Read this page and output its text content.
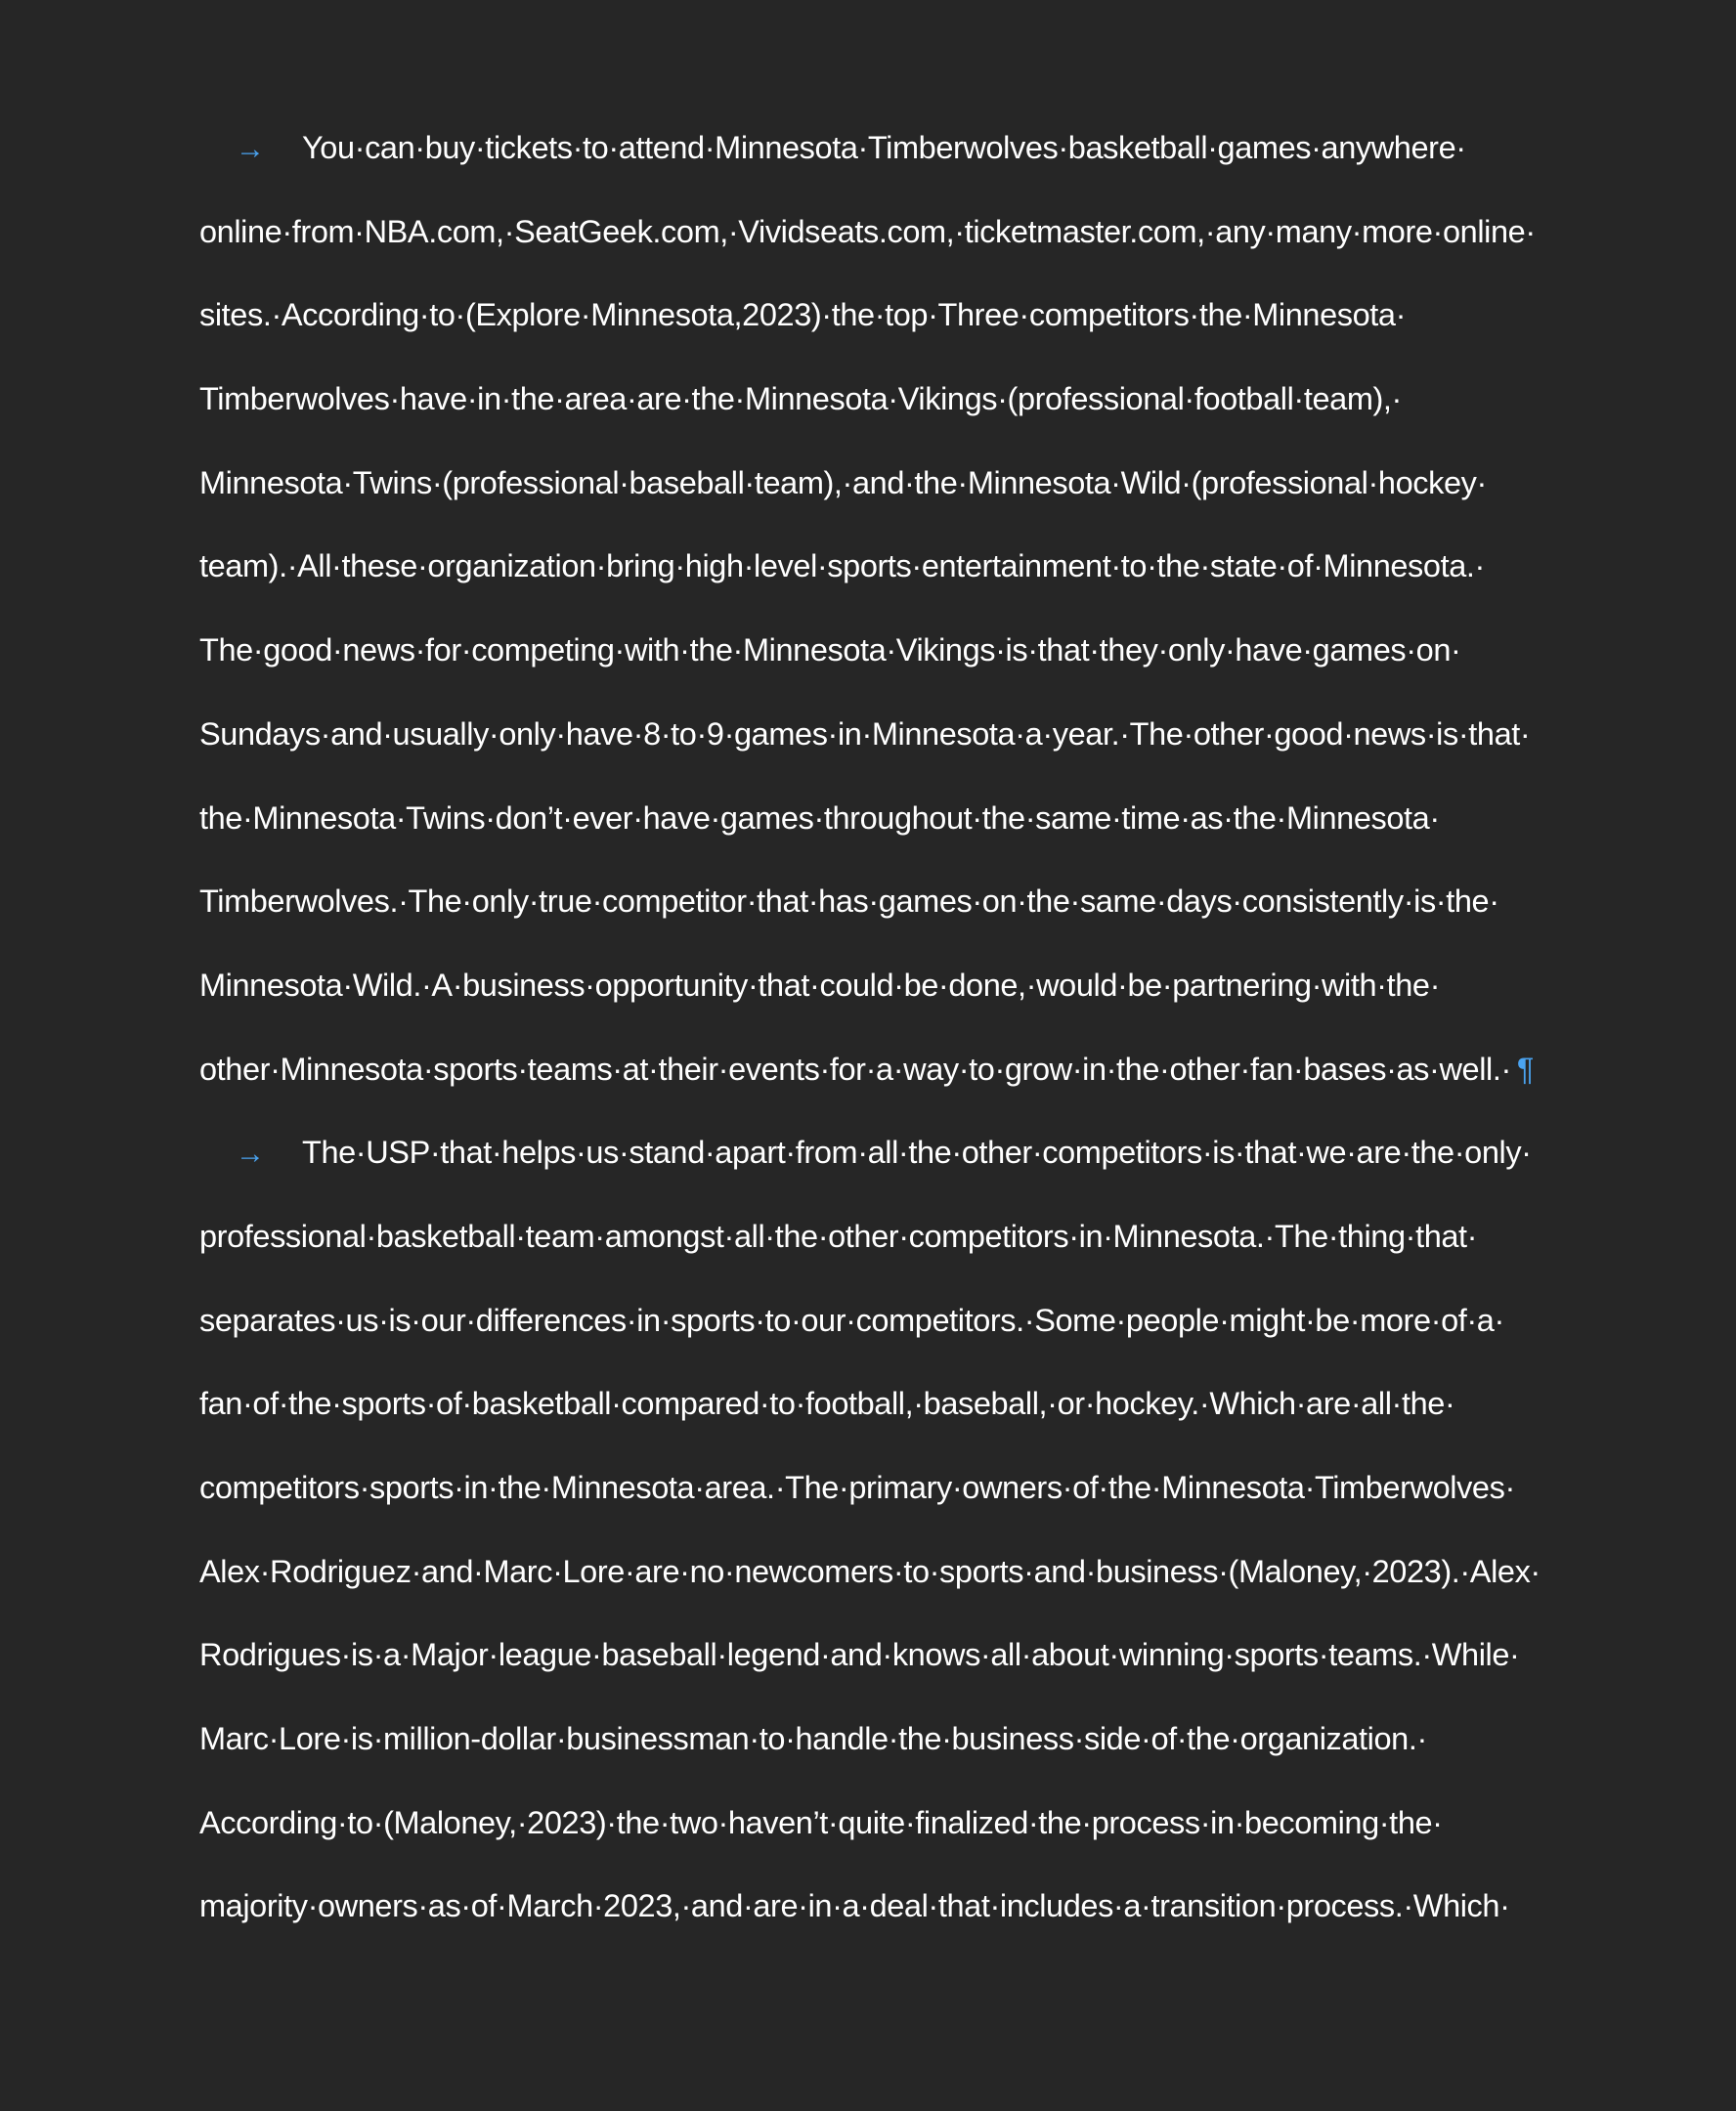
→ You·can·buy·tickets·to·attend·Minnesota·Timberwolves·basketball·games·anywhere·
online·from·NBA.com,·SeatGeek.com,·Vividseats.com,·ticketmaster.com,·any·many·more·online·
sites.·According·to·(Explore·Minnesota,2023)·the·top·Three·competitors·the·Minnesota·
Timberwolves·have·in·the·area·are·the·Minnesota·Vikings·(professional·football·team),·
Minnesota·Twins·(professional·baseball·team),·and·the·Minnesota·Wild·(professional·hockey·
team).·All·these·organization·bring·high·level·sports·entertainment·to·the·state·of·Minnesota.·
The·good·news·for·competing·with·the·Minnesota·Vikings·is·that·they·only·have·games·on·
Sundays·and·usually·only·have·8·to·9·games·in·Minnesota·a·year.·The·other·good·news·is·that·
the·Minnesota·Twins·don’t·ever·have·games·throughout·the·same·time·as·the·Minnesota·
Timberwolves.·The·only·true·competitor·that·has·games·on·the·same·days·consistently·is·the·
Minnesota·Wild.·A·business·opportunity·that·could·be·done,·would·be·partnering·with·the·
other·Minnesota·sports·teams·at·their·events·for·a·way·to·grow·in·the·other·fan·bases·as·well.· ¶
→ The·USP·that·helps·us·stand·apart·from·all·the·other·competitors·is·that·we·are·the·only·
professional·basketball·team·amongst·all·the·other·competitors·in·Minnesota.·The·thing·that·
separates·us·is·our·differences·in·sports·to·our·competitors.·Some·people·might·be·more·of·a·
fan·of·the·sports·of·basketball·compared·to·football,·baseball,·or·hockey.·Which·are·all·the·
competitors·sports·in·the·Minnesota·area.·The·primary·owners·of·the·Minnesota·Timberwolves·
Alex·Rodriguez·and·Marc·Lore·are·no·newcomers·to·sports·and·business·(Maloney,·2023).·Alex·
Rodrigues·is·a·Major·league·baseball·legend·and·knows·all·about·winning·sports·teams.·While·
Marc·Lore·is·million-dollar·businessman·to·handle·the·business·side·of·the·organization.·
According·to·(Maloney,·2023)·the·two·haven’t·quite·finalized·the·process·in·becoming·the·
majority·owners·as·of·March·2023,·and·are·in·a·deal·that·includes·a·transition·process.·Which·
